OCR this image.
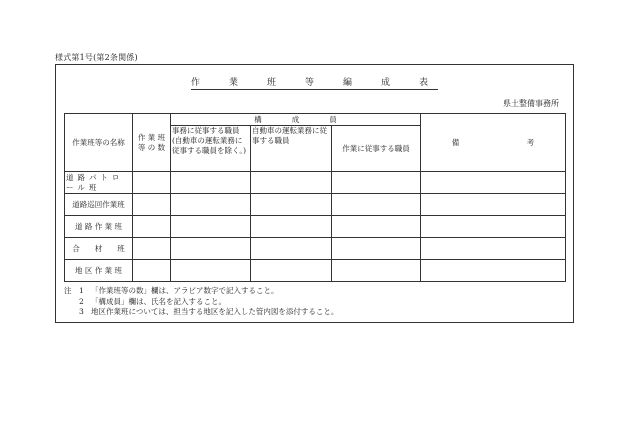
様式第1号(第2条関係)
作　業　班　等　編　成　表
県土整備事務所
作業班等の名称	作 業 班 等 の 数	構　　　　成　　　　員			備　　　　　　　　　考
		事務に従事する職員(自動車の運転業務に従事する職員を除く。)	自動車の運転業務に従事する職員	作業に従事する職員	
道路パトロール班					
道路巡回作業班					
道 路 作 業 班					
合　　材　　班					
地 区 作 業 班					
注	1 「作業班等の数」欄は、アラビア数字で記入すること。
2 「構成員」欄は、氏名を記入すること。
3 地区作業班については、担当する地区を記入した管内図を添付すること。
